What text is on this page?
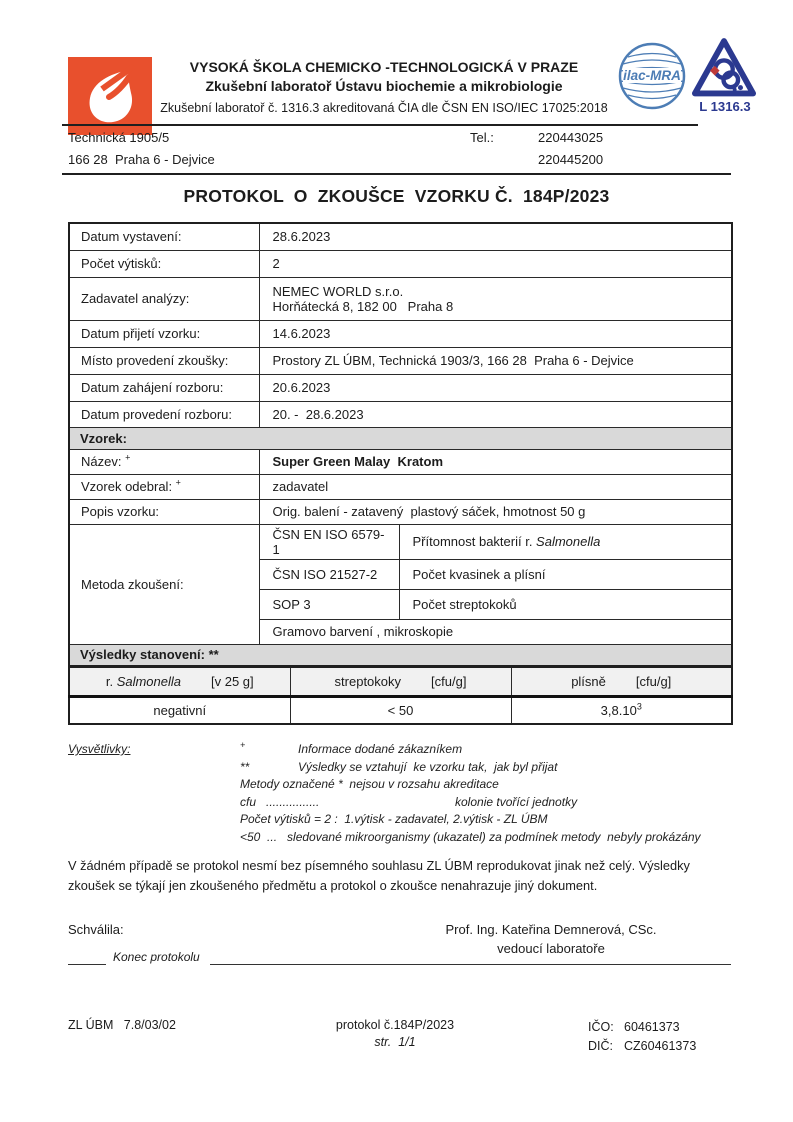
VYSOKÁ ŠKOLA CHEMICKO -TECHNOLOGICKÁ V PRAZE
Zkušební laboratoř Ústavu biochemie a mikrobiologie
Zkušební laboratoř č. 1316.3 akreditovaná ČIA dle ČSN EN ISO/IEC 17025:2018
ilac-MRA
L 1316.3
Technická 1905/5
166 28  Praha 6 - Dejvice
Tel.:	220443025
220445200
PROTOKOL  O  ZKOUŠCE  VZORKU Č.  184P/2023
Datum vystavení:	28.6.2023	
Počet výtisků:	2	
Zadavatel analýzy:	NEMEC WORLD s.r.o.
Horňátecká 8, 182 00   Praha 8	

Datum přijetí vzorku:	14.6.2023	
Místo provedení zkoušky:	Prostory ZL ÚBM, Technická 1903/3, 166 28  Praha 6 - Dejvice	
Datum zahájení rozboru:	20.6.2023	
Datum provedení rozboru:	20. -  28.6.2023	
Vzorek:		
Název: +	Super Green Malay  Kratom	
Vzorek odebral: +	zadavatel	
Popis vzorku:	Orig. balení - zatavený  plastový sáček, hmotnost 50 g	
Metoda zkoušení:	ČSN EN ISO 6579-1	Přítomnost bakterií r. Salmonella
	ČSN ISO 21527-2	Počet kvasinek a plísní
	SOP 3	Počet streptokoků
	Gramovo barvení , mikroskopie	
Výsledky stanovení: **		
r. Salmonella [v 25 g]	streptokoky [cfu/g]	plísně [cfu/g]
negativní	< 50	3,8.10$^3$
Vysvětlivky:	+	Informace dodané zákazníkem
**	Výsledky se vztahují  ke vzorku tak,  jak byl přijat
Metody označené *  nejsou v rozsahu akreditace
cfu   ................	kolonie tvořící jednotky
Počet výtisků = 2 :  1.výtisk - zadavatel, 2.výtisk - ZL ÚBM
<50  ...   sledované mikroorganismy (ukazatel) za podmínek metody  nebyly prokázány
V žádném případě se protokol nesmí bez písemného souhlasu ZL ÚBM reprodukovat jinak než celý. Výsledky zkoušek se týkají jen zkoušeného předmětu a protokol o zkoušce nenahrazuje jiný dokument.
Schválila:	Prof. Ing. Kateřina Demnerová, CSc.
vedoucí laboratoře
Konec protokolu
ZL ÚBM   7.8/03/02	protokol č.184P/2023
str.  1/1
IČO: 60461373
DIČ: CZ60461373
